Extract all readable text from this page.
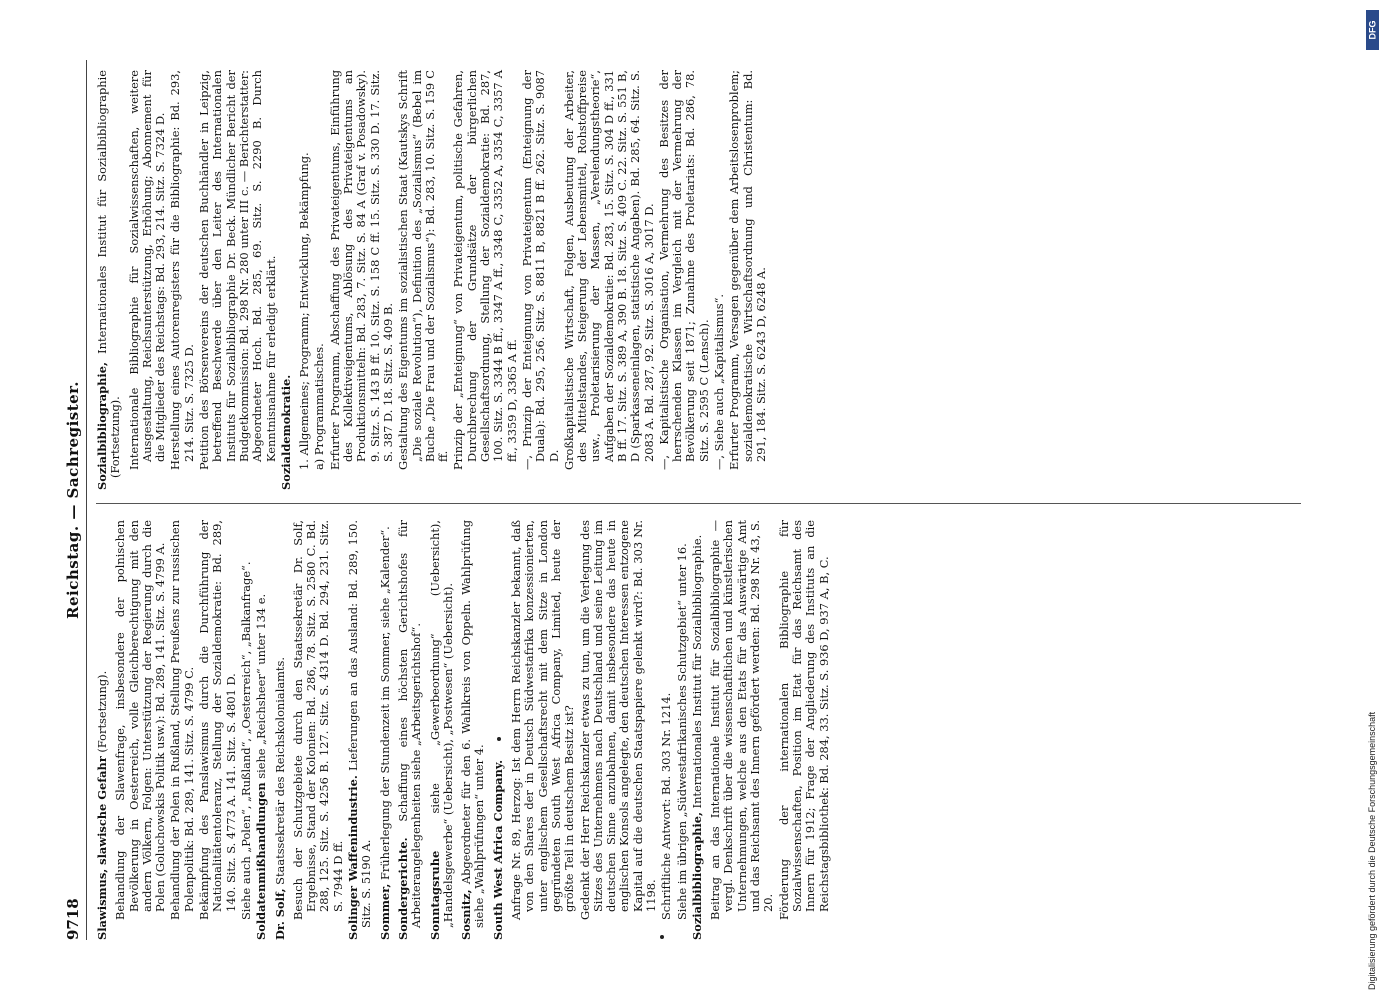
9718
Reichstag. — Sachregister.

Slawismus, slawische Gefahr (Fortsetzung). Behandlung der Slawenfrage, insbesondere der polnischen Bevölkerung in Oesterreich, volle Gleichberechtigung mit den andern Völkern, Folgen: Unterstützung der Regierung durch die Polen (Goluchowskis Politik usw.): Bd. 289, 141. Sitz. S. 4799 A. Behandlung der Polen in Rußland, Stellung Preußens zur russischen Polenpolitik: Bd. 289, 141. Sitz. S. 4799 C. Bekämpfung des Panslawismus durch die Durchführung der Nationalitätentoleranz, Stellung der Sozialdemokratie: Bd. 289, 140. Sitz. S. 4773 A. 141. Sitz. S. 4801 D. Siehe auch „Polen“, „Rußland“, „Oesterreich“, „Balkanfrage“. Soldatenmißhandlungen siehe „Reichsheer“ unter 134 e.

Dr. Solf, Staatssekretär des Reichskolonialamts. Besuch der Schutzgebiete durch den Staatssekretär Dr. Solf, Ergebnisse, Stand der Kolonien: Bd. 286, 78. Sitz. S. 2580 C. Bd. 288, 125. Sitz. S. 4256 B. 127. Sitz. S. 4314 D. Bd. 294, 231. Sitz. S. 7944 D ff. Solinger Waffenindustrie. Lieferungen an das Ausland: Bd. 289, 150. Sitz. S. 5190 A. Sommer, Früherlegung der Stundenzeit im Sommer, siehe „Kalender“.

Sondergerichte. Schaffung eines höchsten Gerichtshofes für Arbeiterangelegenheiten siehe „Arbeitsgerichtshof“. Sonntagsruhe siehe „Gewerbeordnung“ (Uebersicht), „Handelsgewerbe“ (Uebersicht), „Postwesen“ (Uebersicht). Sosnitz, Abgeordneter für den 6. Wahlkreis von Oppeln. Wahlprüfung siehe „Wahlprüfungen“ unter 4. South West Africa Company. Anfrage Nr. 89, Herzog: Ist dem Herrn Reichskanzler bekannt, daß von den Shares der in Deutsch Südwestafrika konzessionierten, unter englischem Gesellschaftsrecht mit dem Sitze in London gegründeten South West Africa Company, Limited, heute der größte Teil in deutschem Besitz ist? Gedenkt der Herr Reichskanzler etwas zu tun, um die Verlegung des Sitzes des Unternehmens nach Deutschland und seine Leitung im deutschen Sinne anzubahnen, damit insbesondere das heute in englischen Konsols angelegte, den deutschen Interessen entzogene Kapital auf die deutschen Staatspapiere gelenkt wird?: Bd. 303 Nr. 1198. Schriftliche Antwort: Bd. 303 Nr. 1214. Siehe im übrigen „Südwestafrikanisches Schutzgebiet“ unter 16. Sozialbibliographie, Internationales Institut für Sozialbibliographie. Beitrag an das Internationale Institut für Sozialbibliographie — vergl. Denkschrift über die wissenschaftlichen und künstlerischen Unternehmungen, welche aus den Etats für das Auswärtige Amt und das Reichsamt des Innern gefördert werden: Bd. 298 Nr. 43, S. 20. Förderung der internationalen Bibliographie für Sozialwissenschaften, Position im Etat für das Reichsamt des Innern für 1912; Frage der Angliederung des Instituts an die Reichstagsbibliothek: Bd. 284, 33. Sitz. S. 936 D, 937 A, B, C.

Sozialbibliographie, Internationales Institut für Sozialbibliographie (Fortsetzung). Internationale Bibliographie für Sozialwissenschaften, weitere Ausgestaltung, Reichsunterstützung, Erhöhung; Abonnement für die Mitglieder des Reichstags: Bd. 293, 214. Sitz. S. 7324 D. Herstellung eines Autorenregisters für die Bibliographie: Bd. 293, 214. Sitz. S. 7325 D. Petition des Börsenvereins der deutschen Buchhändler in Leipzig, betreffend Beschwerde über den Leiter des Internationalen Instituts für Sozialbibliographie Dr. Beck. Mündlicher Bericht der Budgetkommission: Bd. 298 Nr. 280 unter III c. — Berichterstatter: Abgeordneter Hoch. Bd. 285, 69. Sitz. S. 2290 B. Durch Kenntnisnahme für erledigt erklärt. Sozialdemokratie. 1. Allgemeines; Programm; Entwicklung, Bekämpfung. a) Programmatisches. Erfurter Programm, Abschaffung des Privateigentums, Einführung des Kollektiveigentums, Ablösung des Privateigentums an Produktionsmitteln: Bd. 283, 7. Sitz. S. 84 A (Graf v. Posadowsky). 9. Sitz. S. 143 B ff. 10. Sitz. S. 158 C ff. 15. Sitz. S. 330 D. 17. Sitz. S. 387 D. 18. Sitz. S. 409 B. Gestaltung des Eigentums im sozialistischen Staat (Kautskys Schrift „Die soziale Revolution“), Definition des „Sozialismus“ (Bebel im Buche „Die Frau und der Sozialismus“): Bd. 283, 10. Sitz. S. 159 C ff. Prinzip der „Enteignung“ von Privateigentum, politische Gefahren, Durchbrechung der Grundsätze der bürgerlichen Gesellschaftsordnung, Stellung der Sozialdemokratie: Bd. 287, 100. Sitz. S. 3344 B ff., 3347 A ff., 3348 C, 3352 A, 3354 C, 3357 A ff., 3359 D, 3365 A ff. —, Prinzip der Enteignung von Privateigentum (Enteignung der Duala): Bd. 295, 256. Sitz. S. 8811 B, 8821 B ff. 262. Sitz. S. 9087 D. Großkapitalistische Wirtschaft, Folgen, Ausbeutung der Arbeiter, des Mittelstandes, Steigerung der Lebensmittel, Rohstoffpreise usw., Proletarisierung der Massen, „Verelendungstheorie“, Aufgaben der Sozialdemokratie: Bd. 283, 15. Sitz. S. 304 D ff., 331 B ff. 17. Sitz. S. 389 A, 390 B. 18. Sitz. S. 409 C. 22. Sitz. S. 551 B, D (Sparkasseneinlagen, statistische Angaben). Bd. 285, 64. Sitz. S. 2083 A. Bd. 287, 92. Sitz. S. 3016 A, 3017 D. —, Kapitalistische Organisation, Vermehrung des Besitzes der herrschenden Klassen im Vergleich mit der Vermehrung der Bevölkerung seit 1871; Zunahme des Proletariats: Bd. 286, 78. Sitz. S. 2595 C (Lensch). —, Siehe auch „Kapitalismus“. Erfurter Programm, Versagen gegenüber dem Arbeitslosenproblem; sozialdemokratische Wirtschaftsordnung und Christentum: Bd. 291, 184. Sitz. S. 6243 D, 6248 A.

DFG
Digitalisierung gefördert durch die Deutsche Forschungsgemeinschaft
